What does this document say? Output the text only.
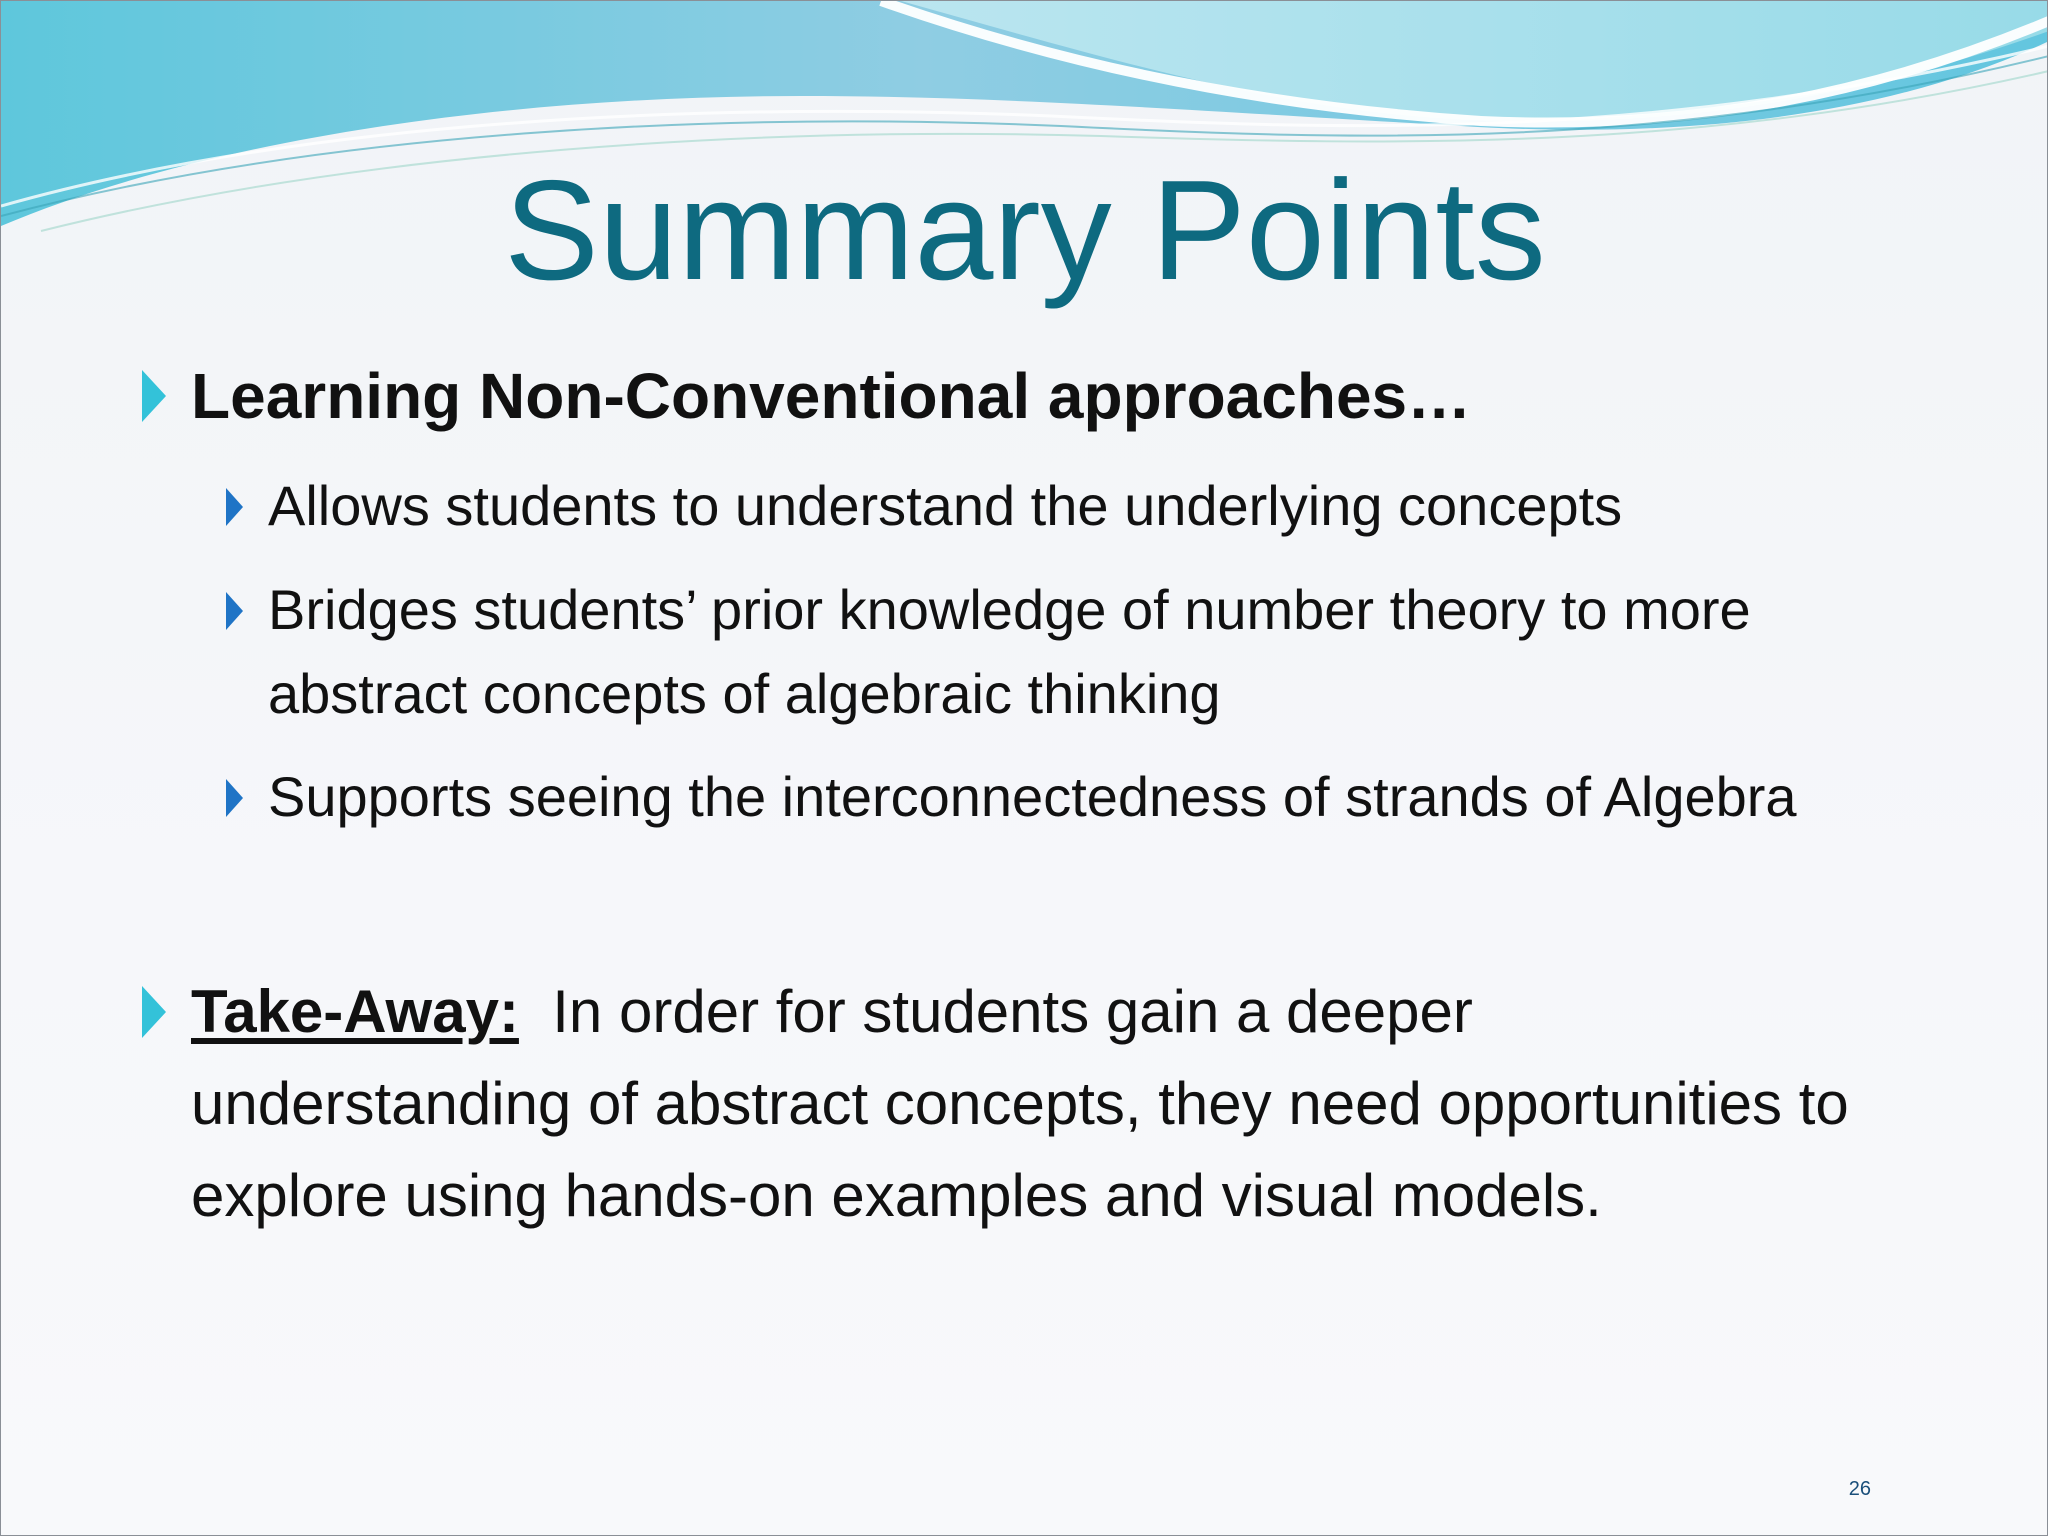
Summary Points
Learning Non-Conventional approaches…
Allows students to understand the underlying concepts
Bridges students’ prior knowledge of number theory to more
abstract concepts of algebraic thinking
Supports seeing the interconnectedness of strands of Algebra
Take-Away: In order for students gain a deeper
understanding of abstract concepts, they need opportunities to
explore using hands-on examples and visual models.
26
